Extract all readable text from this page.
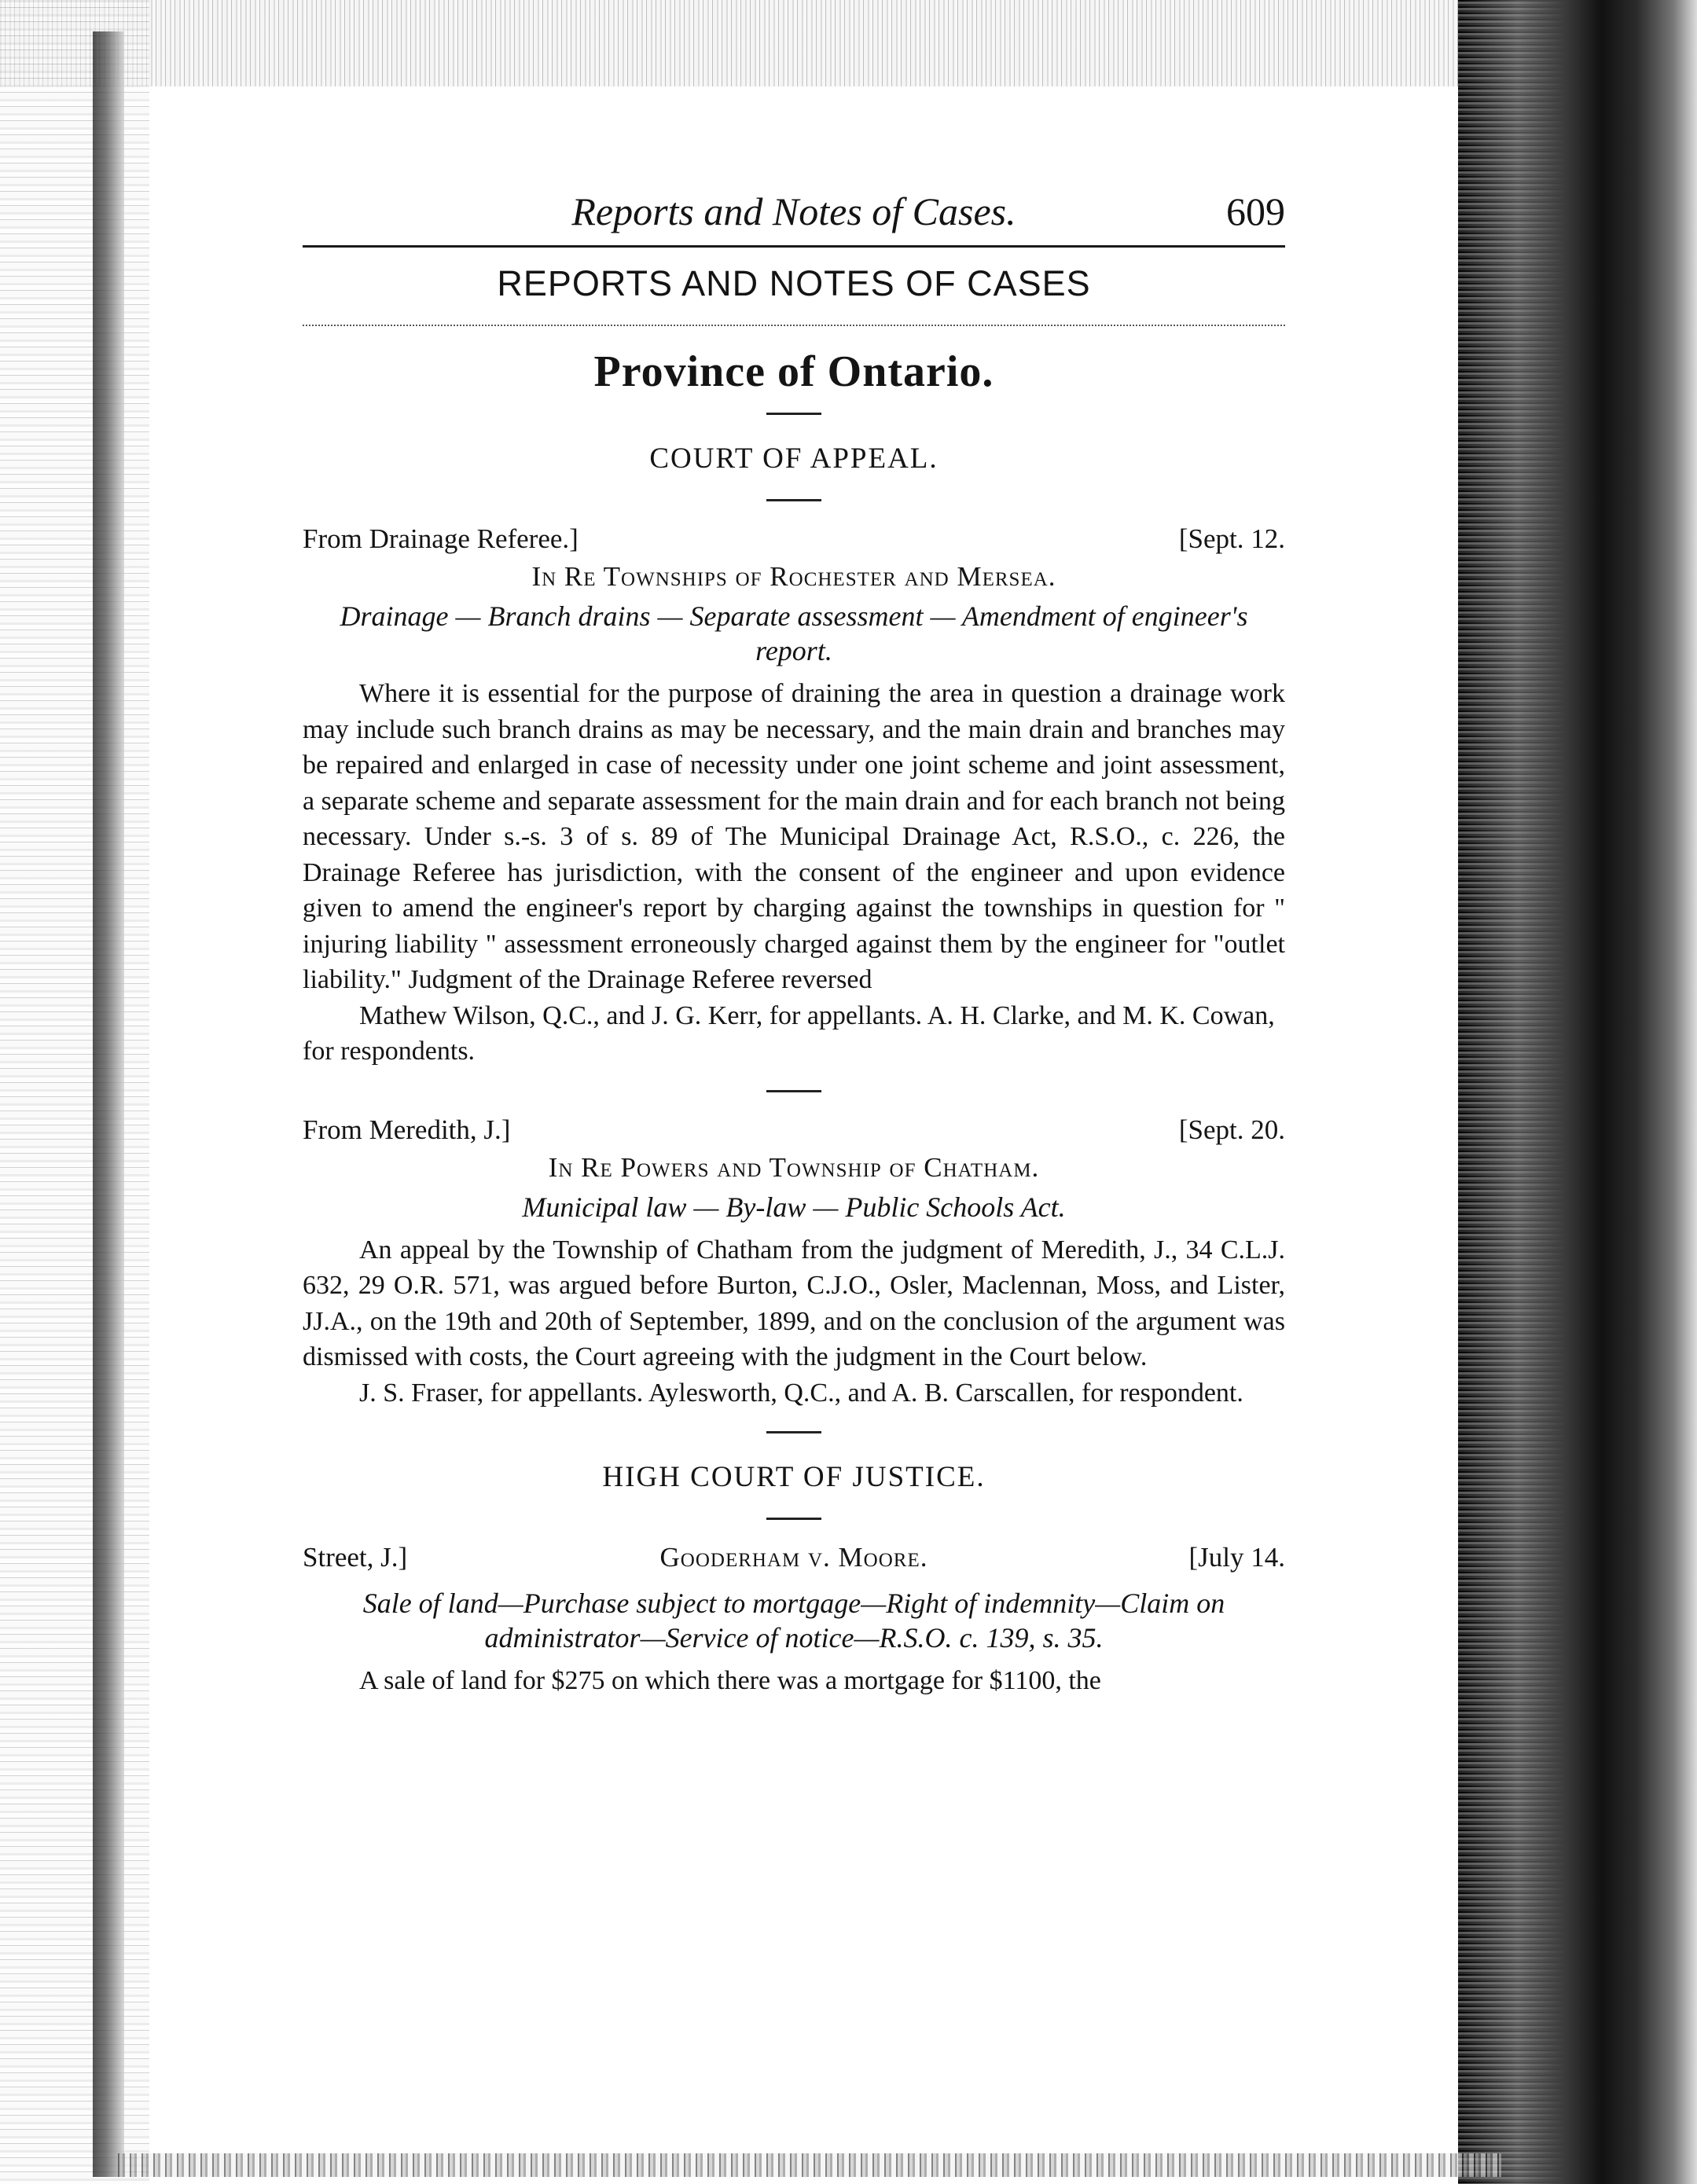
Reports and Notes of Cases.	609
REPORTS AND NOTES OF CASES
Province of Ontario.
COURT OF APPEAL.
From Drainage Referee.]	[Sept. 12.
In Re Townships of Rochester and Mersea.
Drainage — Branch drains — Separate assessment — Amendment of engineer's report.

Where it is essential for the purpose of draining the area in question a drainage work may include such branch drains as may be necessary, and the main drain and branches may be repaired and enlarged in case of necessity under one joint scheme and joint assessment, a separate scheme and separate assessment for the main drain and for each branch not being necessary. Under s.-s. 3 of s. 89 of The Municipal Drainage Act, R.S.O., c. 226, the Drainage Referee has jurisdiction, with the consent of the engineer and upon evidence given to amend the engineer's report by charging against the townships in question for " injuring liability " assessment erroneously charged against them by the engineer for "outlet liability." Judgment of the Drainage Referee reversed

Mathew Wilson, Q.C., and J. G. Kerr, for appellants. A. H. Clarke, and M. K. Cowan, for respondents.

From Meredith, J.]	[Sept. 20.
In Re Powers and Township of Chatham.
Municipal law — By-law — Public Schools Act.

An appeal by the Township of Chatham from the judgment of Meredith, J., 34 C.L.J. 632, 29 O.R. 571, was argued before Burton, C.J.O., Osler, Maclennan, Moss, and Lister, JJ.A., on the 19th and 20th of September, 1899, and on the conclusion of the argument was dismissed with costs, the Court agreeing with the judgment in the Court below.

J. S. Fraser, for appellants. Aylesworth, Q.C., and A. B. Carscallen, for respondent.

HIGH COURT OF JUSTICE.
Street, J.]	Gooderham v. Moore.	[July 14.
Sale of land—Purchase subject to mortgage—Right of indemnity—Claim on administrator—Service of notice—R.S.O. c. 139, s. 35.

A sale of land for $275 on which there was a mortgage for $1100, the
